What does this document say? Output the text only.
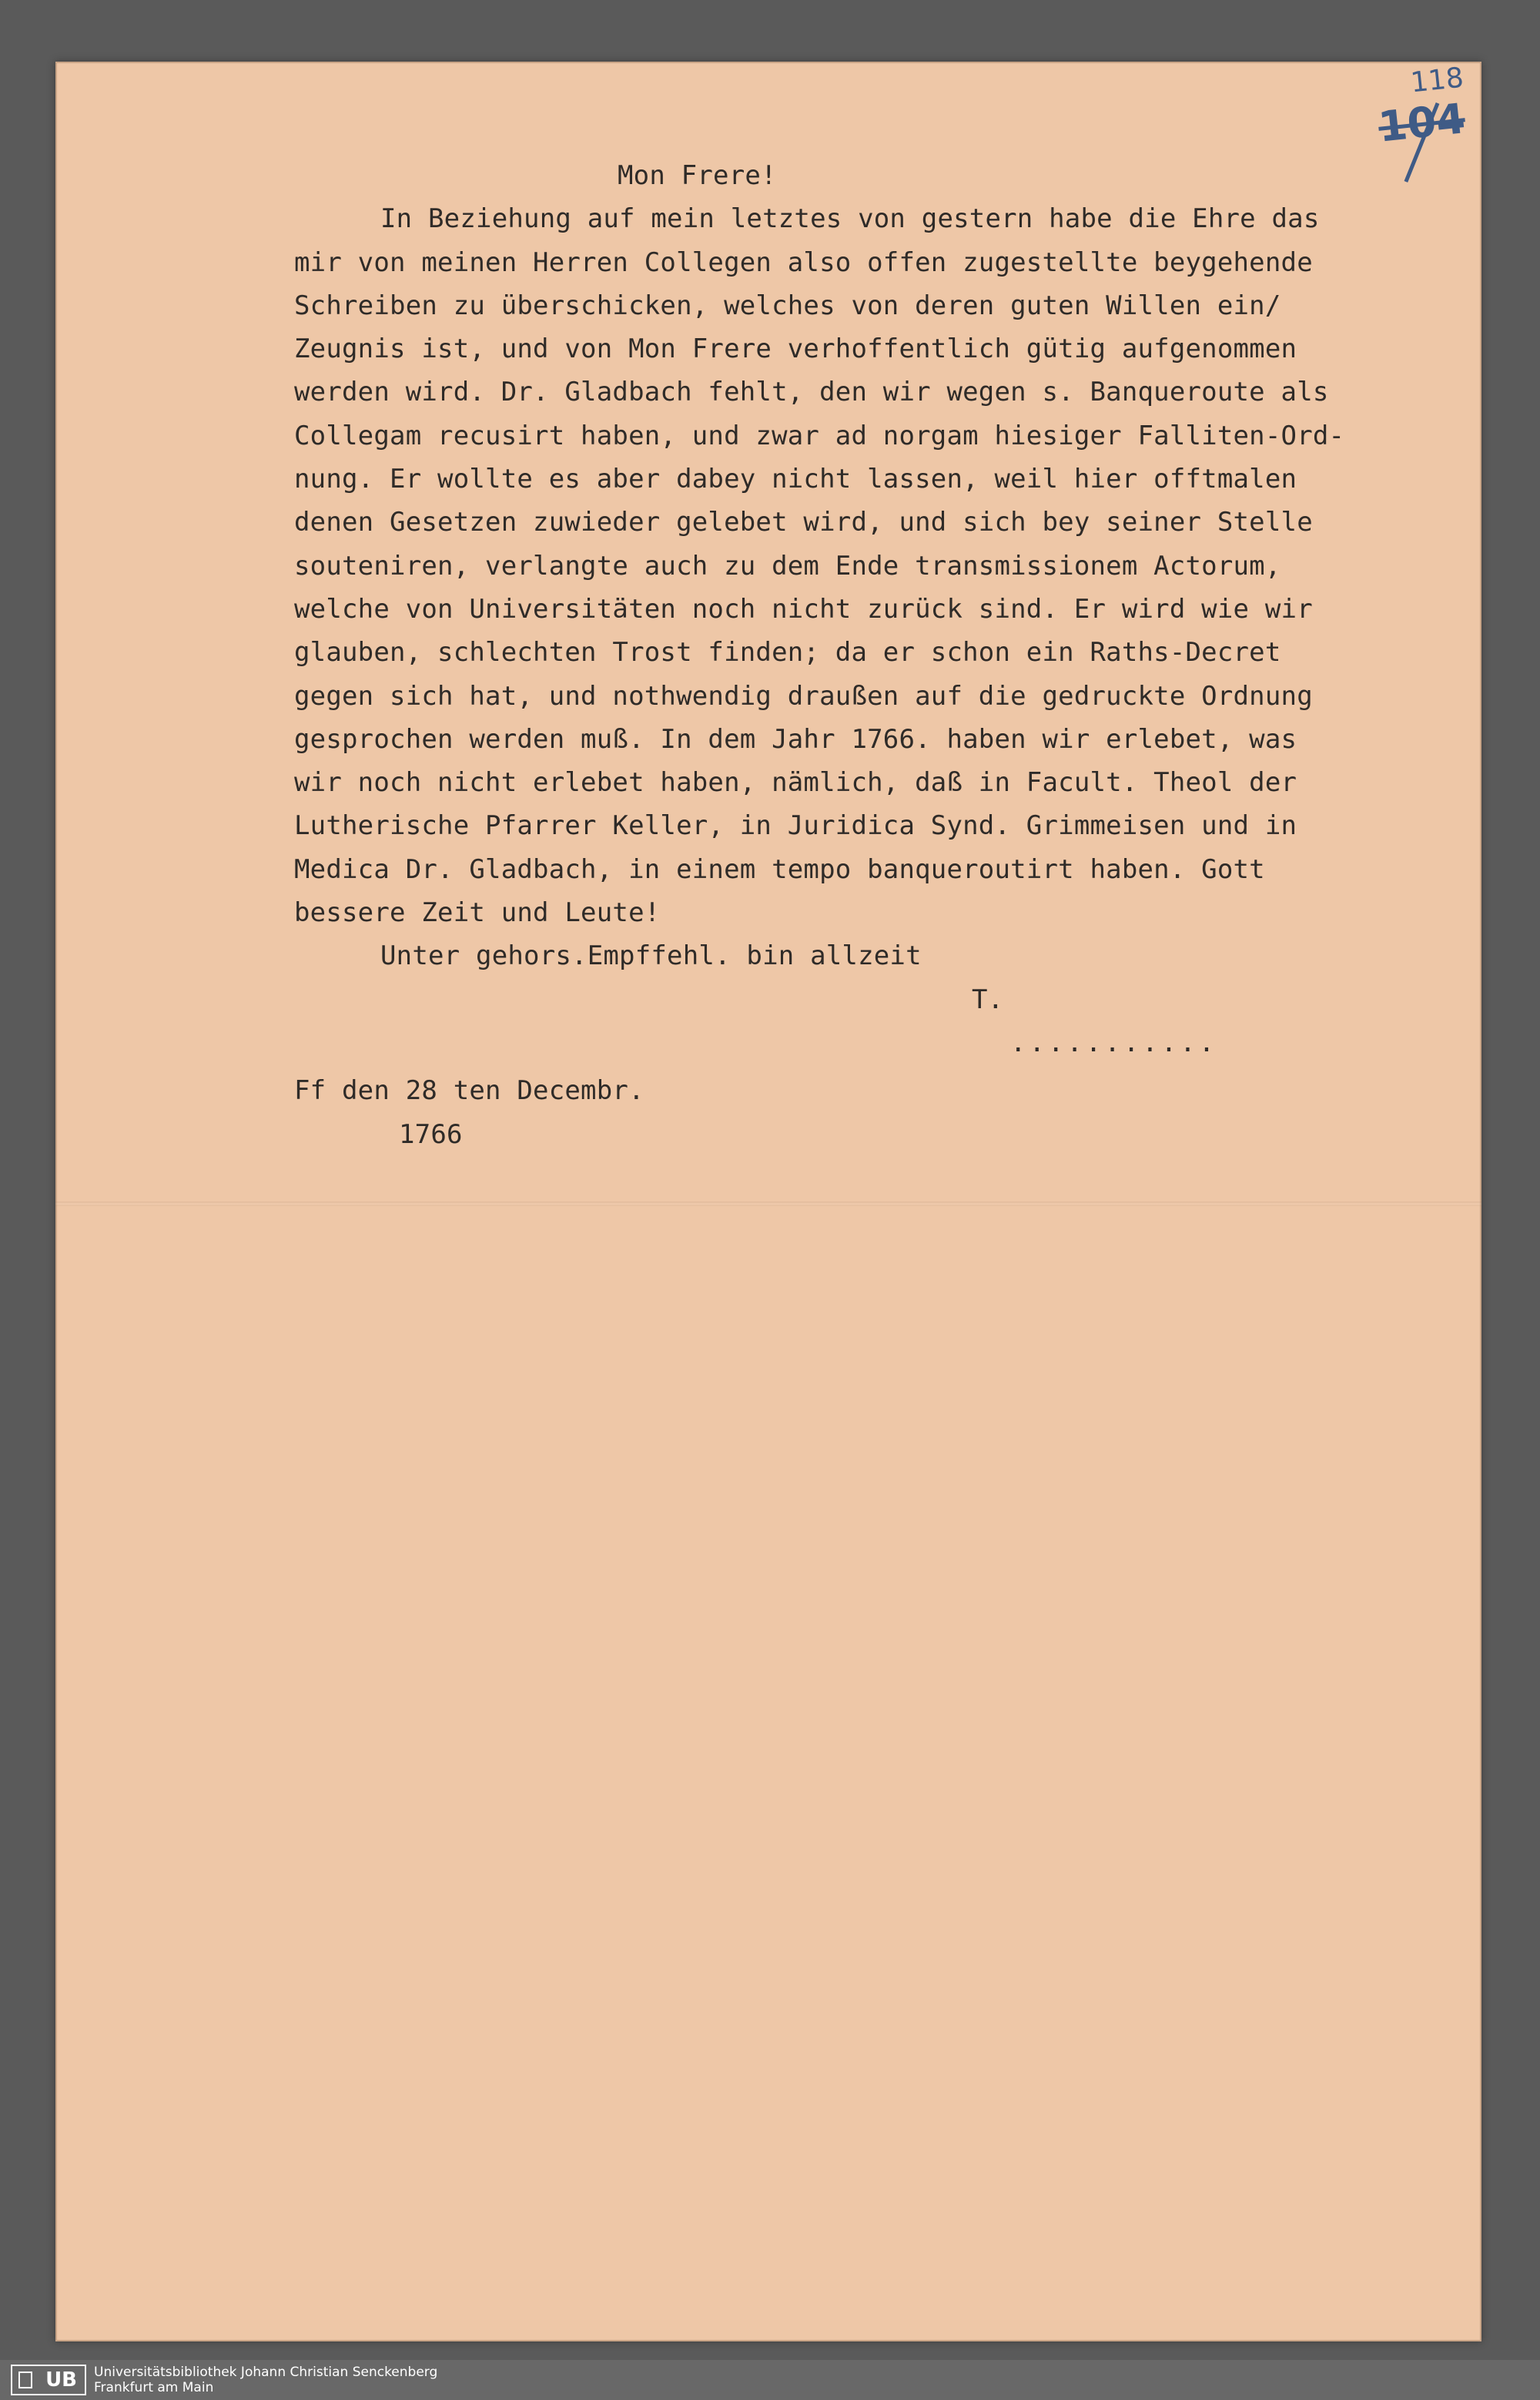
118
104
Mon Frere!
In Beziehung auf mein letztes von gestern habe die Ehre das
mir von meinen Herren Collegen also offen zugestellte beygehende
Schreiben zu überschicken, welches von deren guten Willen ein/
Zeugnis ist, und von Mon Frere verhoffentlich gütig aufgenommen
werden wird. Dr. Gladbach fehlt, den wir wegen s. Banqueroute als
Collegam recusirt haben, und zwar ad norgam hiesiger Falliten-Ord-
nung. Er wollte es aber dabey nicht lassen, weil hier offtmalen
denen Gesetzen zuwieder gelebet wird, und sich bey seiner Stelle
souteniren, verlangte auch zu dem Ende transmissionem Actorum,
welche von Universitäten noch nicht zurück sind. Er wird wie wir
glauben, schlechten Trost finden; da er schon ein Raths-Decret
gegen sich hat, und nothwendig draußen auf die gedruckte Ordnung
gesprochen werden muß. In dem Jahr 1766. haben wir erlebet, was
wir noch nicht erlebet haben, nämlich, daß in Facult. Theol der
Lutherische Pfarrer Keller, in Juridica Synd. Grimmeisen und in
Medica Dr. Gladbach, in einem tempo banqueroutirt haben. Gott
bessere Zeit und Leute!
Unter gehors.Empffehl. bin allzeit
T.
...........
Ff den 28 ten Decembr.
1766
UB	Universitätsbibliothek Johann Christian Senckenberg
Frankfurt am Main
